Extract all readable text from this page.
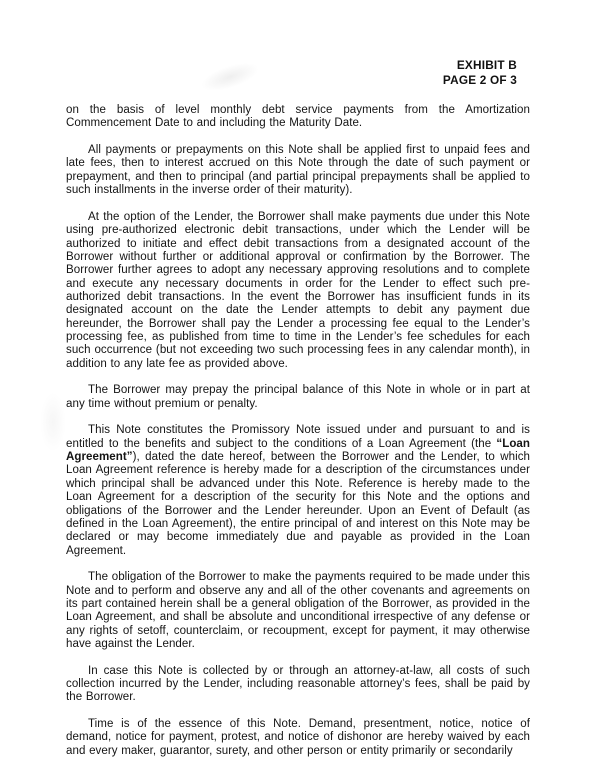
EXHIBIT B
PAGE 2 OF 3

on the basis of level monthly debt service payments from the Amortization Commencement Date to and including the Maturity Date.

All payments or prepayments on this Note shall be applied first to unpaid fees and late fees, then to interest accrued on this Note through the date of such payment or prepayment, and then to principal (and partial principal prepayments shall be applied to such installments in the inverse order of their maturity).

At the option of the Lender, the Borrower shall make payments due under this Note using pre-authorized electronic debit transactions, under which the Lender will be authorized to initiate and effect debit transactions from a designated account of the Borrower without further or additional approval or confirmation by the Borrower. The Borrower further agrees to adopt any necessary approving resolutions and to complete and execute any necessary documents in order for the Lender to effect such pre-authorized debit transactions. In the event the Borrower has insufficient funds in its designated account on the date the Lender attempts to debit any payment due hereunder, the Borrower shall pay the Lender a processing fee equal to the Lender’s processing fee, as published from time to time in the Lender’s fee schedules for each such occurrence (but not exceeding two such processing fees in any calendar month), in addition to any late fee as provided above.

The Borrower may prepay the principal balance of this Note in whole or in part at any time without premium or penalty.

This Note constitutes the Promissory Note issued under and pursuant to and is entitled to the benefits and subject to the conditions of a Loan Agreement (the “Loan Agreement”), dated the date hereof, between the Borrower and the Lender, to which Loan Agreement reference is hereby made for a description of the circumstances under which principal shall be advanced under this Note. Reference is hereby made to the Loan Agreement for a description of the security for this Note and the options and obligations of the Borrower and the Lender hereunder. Upon an Event of Default (as defined in the Loan Agreement), the entire principal of and interest on this Note may be declared or may become immediately due and payable as provided in the Loan Agreement.

The obligation of the Borrower to make the payments required to be made under this Note and to perform and observe any and all of the other covenants and agreements on its part contained herein shall be a general obligation of the Borrower, as provided in the Loan Agreement, and shall be absolute and unconditional irrespective of any defense or any rights of setoff, counterclaim, or recoupment, except for payment, it may otherwise have against the Lender.

In case this Note is collected by or through an attorney-at-law, all costs of such collection incurred by the Lender, including reasonable attorney’s fees, shall be paid by the Borrower.

Time is of the essence of this Note. Demand, presentment, notice, notice of demand, notice for payment, protest, and notice of dishonor are hereby waived by each and every maker, guarantor, surety, and other person or entity primarily or secondarily
